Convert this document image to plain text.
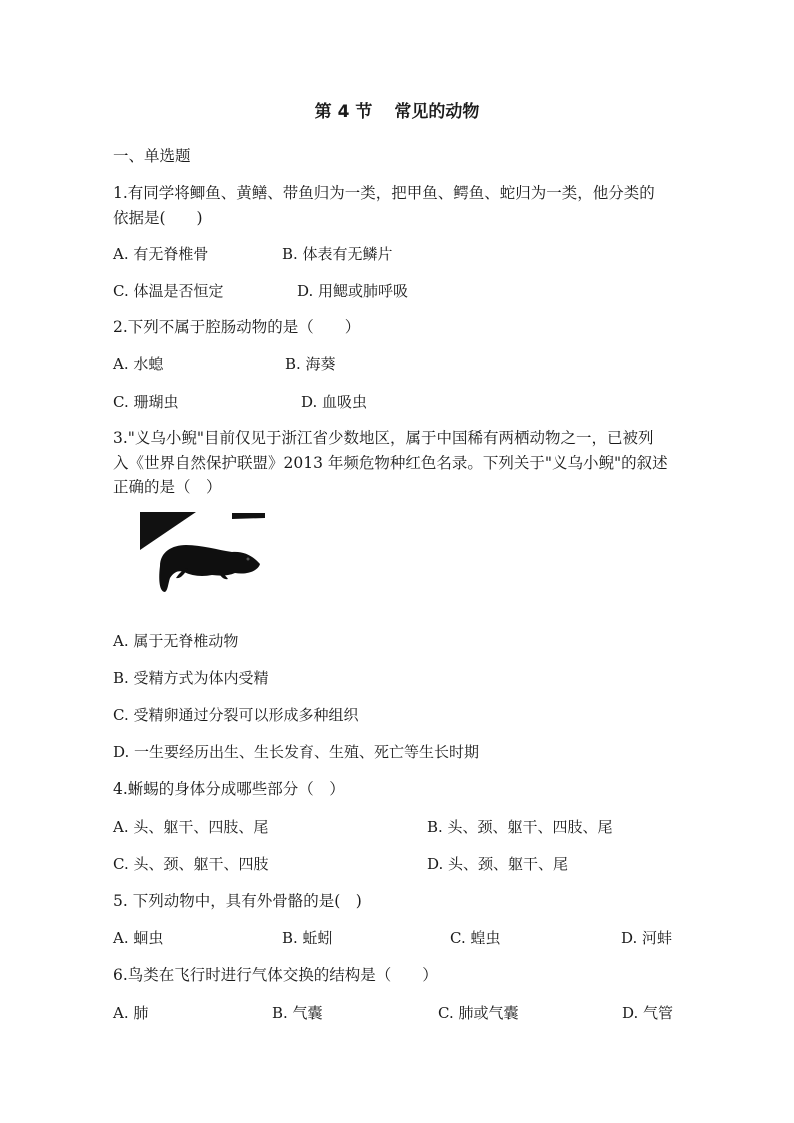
第 4 节 常见的动物
一、单选题
1.有同学将鲫鱼、黄鳝、带鱼归为一类，把甲鱼、鳄鱼、蛇归为一类，他分类的
依据是(　　)
A. 有无脊椎骨	B. 体表有无鳞片
C. 体温是否恒定	D. 用鳃或肺呼吸
2.下列不属于腔肠动物的是（　　）
A. 水螅	B. 海葵
C. 珊瑚虫	D. 血吸虫
3."义乌小鲵"目前仅见于浙江省少数地区，属于中国稀有两栖动物之一，已被列
入《世界自然保护联盟》2013 年频危物种红色名录。下列关于"义乌小鲵"的叙述
正确的是（　）
A. 属于无脊椎动物
B. 受精方式为体内受精
C. 受精卵通过分裂可以形成多种组织
D. 一生要经历出生、生长发育、生殖、死亡等生长时期
4.蜥蜴的身体分成哪些部分（　）
A. 头、躯干、四肢、尾	B. 头、颈、躯干、四肢、尾
C. 头、颈、躯干、四肢	D. 头、颈、躯干、尾
5. 下列动物中，具有外骨骼的是(　)
A. 蛔虫	B. 蚯蚓	C. 蝗虫	D. 河蚌
6.鸟类在飞行时进行气体交换的结构是（　　）
A. 肺	B. 气囊	C. 肺或气囊	D. 气管
